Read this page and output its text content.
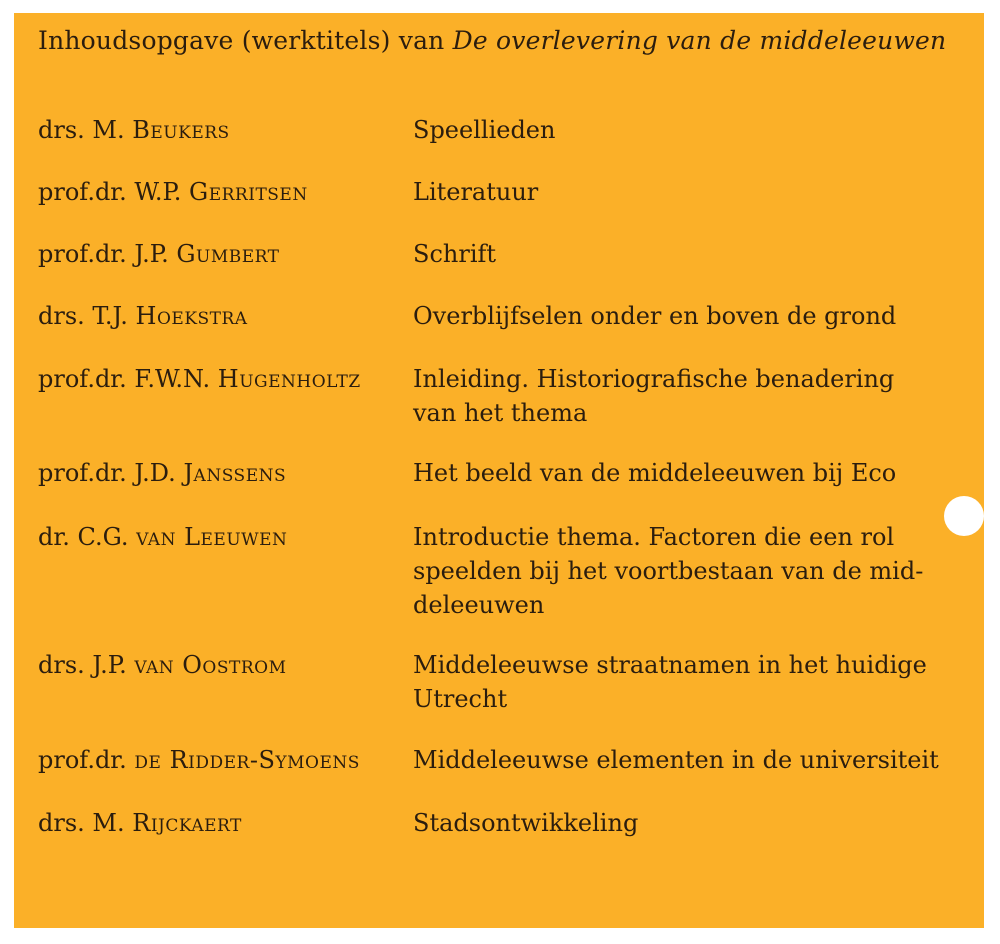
Inhoudsopgave (werktitels) van De overlevering van de middeleeuwen
drs. M. Beukers	Speellieden
prof.dr. W.P. Gerritsen	Literatuur
prof.dr. J.P. Gumbert	Schrift
drs. T.J. Hoekstra	Overblijfselen onder en boven de grond
prof.dr. F.W.N. Hugenholtz	Inleiding. Historiografische benadering
van het thema
prof.dr. J.D. Janssens	Het beeld van de middeleeuwen bij Eco
dr. C.G. van Leeuwen	Introductie thema. Factoren die een rol
speelden bij het voortbestaan van de mid-
deleeuwen
drs. J.P. van Oostrom	Middeleeuwse straatnamen in het huidige
Utrecht
prof.dr. de Ridder-Symoens	Middeleeuwse elementen in de universiteit
drs. M. Rijckaert	Stadsontwikkeling
